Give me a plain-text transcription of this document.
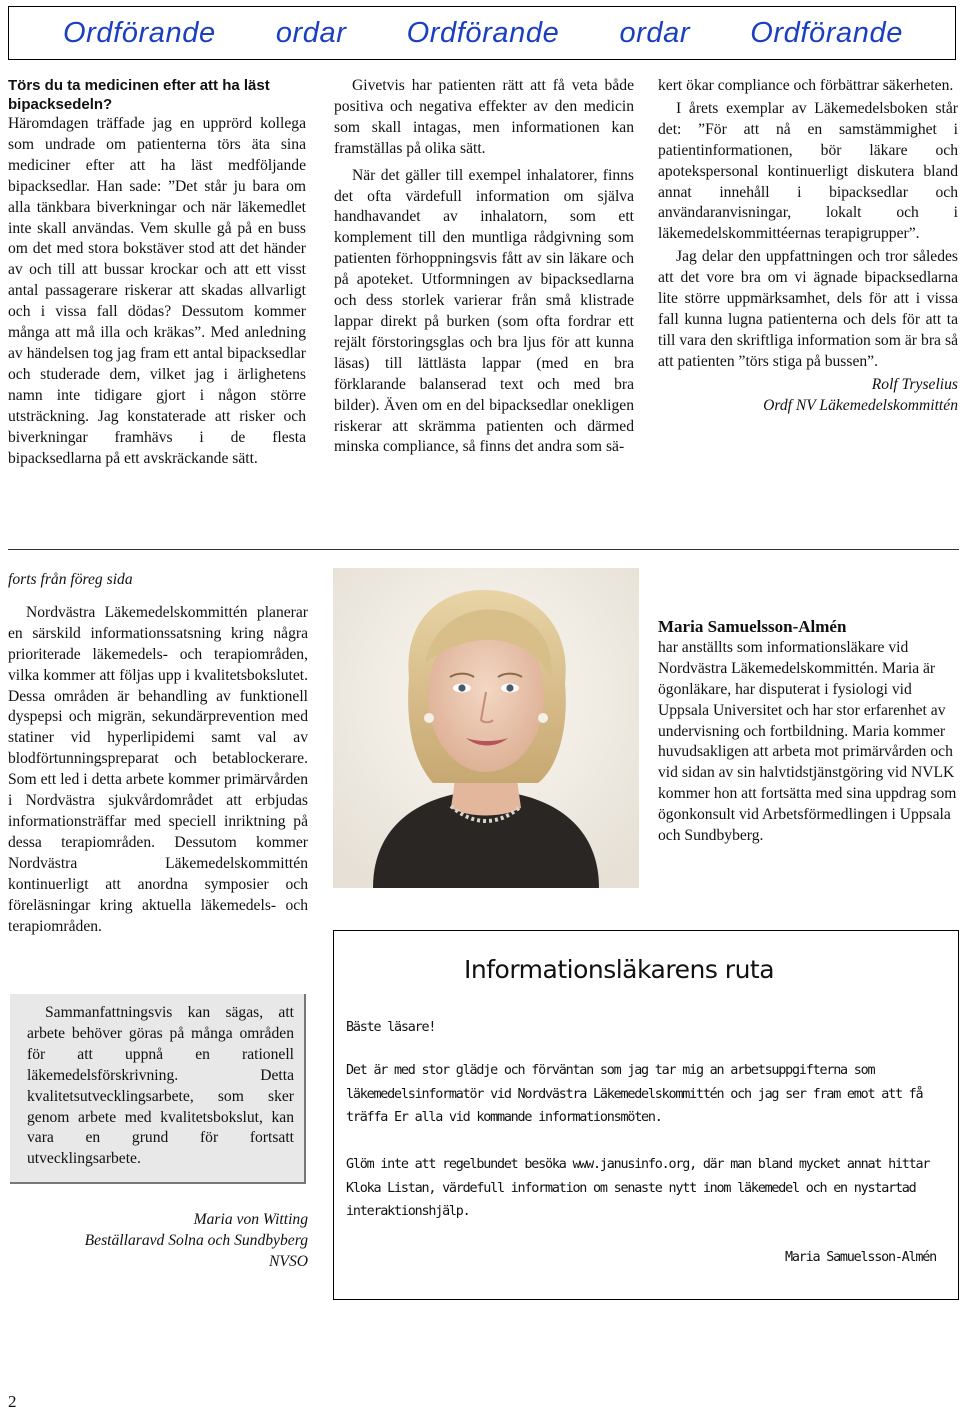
Ordförande ordar Ordförande ordar Ordförande

Törs du ta medicinen efter att ha läst bipacksedeln?

Häromdagen träffade jag en upprörd kollega som undrade om patienterna törs äta sina mediciner efter att ha läst medföljande bipacksedlar. Han sade: ”Det står ju bara om alla tänkbara biverkningar och när läkemedlet inte skall användas. Vem skulle gå på en buss om det med stora bokstäver stod att det händer av och till att bussar krockar och att ett visst antal passagerare riskerar att skadas allvarligt och i vissa fall dödas? Dessutom kommer många att må illa och kräkas”. Med anledning av händelsen tog jag fram ett antal bipacksedlar och studerade dem, vilket jag i ärlighetens namn inte tidigare gjort i någon större utsträckning. Jag konstaterade att risker och biverkningar framhävs i de flesta bipacksedlarna på ett avskräckande sätt.

Givetvis har patienten rätt att få veta både positiva och negativa effekter av den medicin som skall intagas, men informationen kan framställas på olika sätt.

När det gäller till exempel inhalatorer, finns det ofta värdefull information om själva handhavandet av inhalatorn, som ett komplement till den muntliga rådgivning som patienten förhoppningsvis fått av sin läkare och på apoteket. Utformningen av bipacksedlarna och dess storlek varierar från små klistrade lappar direkt på burken (som ofta fordrar ett rejält förstoringsglas och bra ljus för att kunna läsas) till lättlästa lappar (med en bra förklarande balanserad text och med bra bilder). Även om en del bipacksedlar onekligen riskerar att skrämma patienten och därmed minska compliance, så finns det andra som sä-

kert ökar compliance och förbättrar säkerheten.

I årets exemplar av Läkemedelsboken står det: ”För att nå en samstämmighet i patientinformationen, bör läkare och apotekspersonal kontinuerligt diskutera bland annat innehåll i bipacksedlar och användaranvisningar, lokalt och i läkemedelskommittéernas terapigrupper”.

Jag delar den uppfattningen och tror således att det vore bra om vi ägnade bipacksedlarna lite större uppmärksamhet, dels för att i vissa fall kunna lugna patienterna och dels för att ta till vara den skriftliga information som är bra så att patienten ”törs stiga på bussen”.

Rolf Tryselius

Ordf NV Läkemedelskommittén

forts från föreg sida

Nordvästra Läkemedelskommittén planerar en särskild informationssatsning kring några prioriterade läkemedels- och terapiområden, vilka kommer att följas upp i kvalitetsbokslutet. Dessa områden är behandling av funktionell dyspepsi och migrän, sekundärprevention med statiner vid hyperlipidemi samt val av blodförtunningspreparat och betablockerare. Som ett led i detta arbete kommer primärvården i Nordvästra sjukvårdområdet att erbjudas informationsträffar med speciell inriktning på dessa terapiområden. Dessutom kommer Nordvästra Läkemedelskommittén kontinuerligt att anordna symposier och föreläsningar kring aktuella läkemedels- och terapiområden.

Sammanfattningsvis kan sägas, att arbete behöver göras på många områden för att uppnå en rationell läkemedelsförskrivning. Detta kvalitetsutvecklingsarbete, som sker genom arbete med kvalitetsbokslut, kan vara en grund för fortsatt utvecklingsarbete.

Maria von Witting
Beställaravd Solna och Sundbyberg
NVSO
Maria Samuelsson-Almén
har anställts som informationsläkare vid Nordvästra Läkemedelskommittén. Maria är ögonläkare, har disputerat i fysiologi vid Uppsala Universitet och har stor erfarenhet av undervisning och fortbildning. Maria kommer huvudsakligen att arbeta mot primärvården och vid sidan av sin halvtidstjänstgöring vid NVLK kommer hon att fortsätta med sina uppdrag som ögonkonsult vid Arbetsförmedlingen i Uppsala och Sundbyberg.
Informationsläkarens ruta
Bäste läsare!
Det är med stor glädje och förväntan som jag tar mig an arbetsuppgifterna som läkemedelsinformatör vid Nordvästra Läkemedelskommittén och jag ser fram emot att få träffa Er alla vid kommande informationsmöten.
Glöm inte att regelbundet besöka www.janusinfo.org, där man bland mycket annat hittar Kloka Listan, värdefull information om senaste nytt inom läkemedel och en nystartad interaktionshjälp.
Maria Samuelsson-Almén
2
